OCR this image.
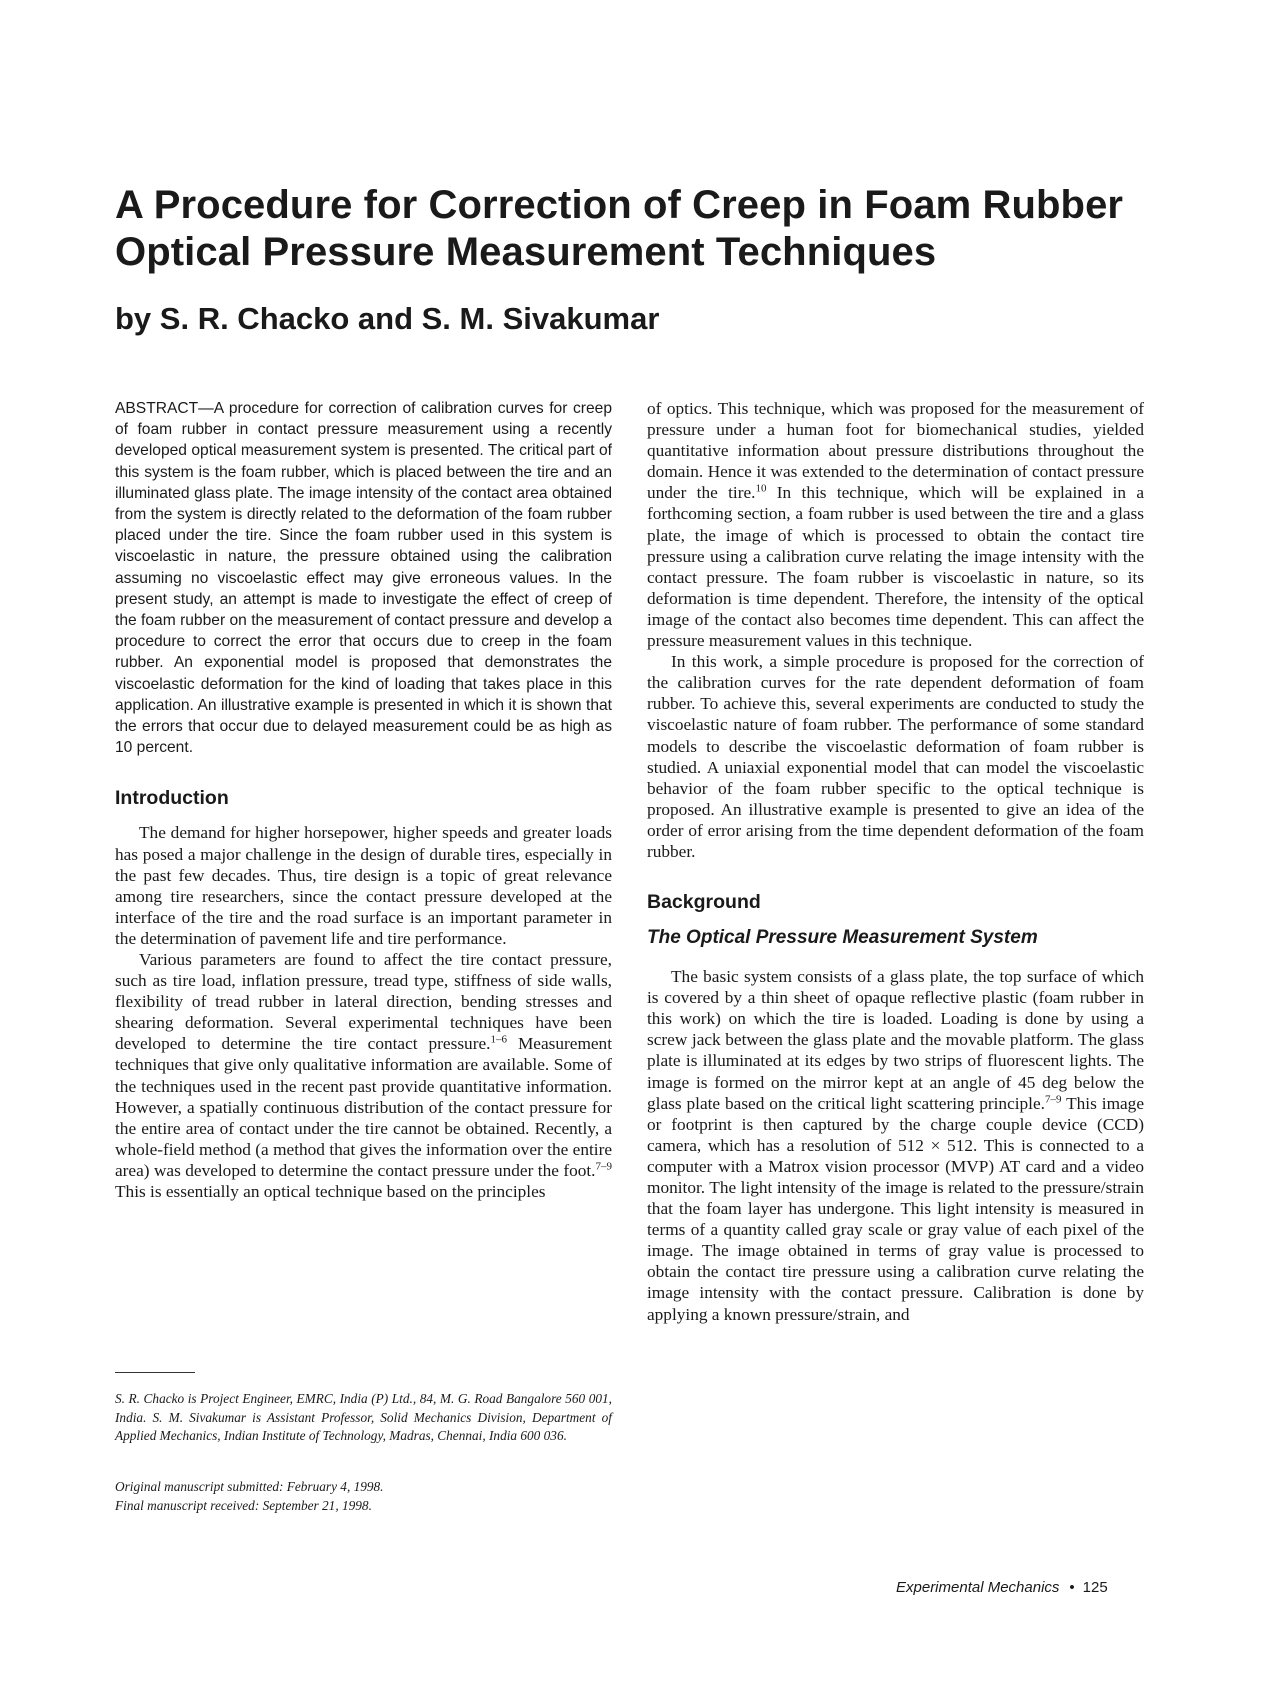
A Procedure for Correction of Creep in Foam Rubber Optical Pressure Measurement Techniques
by S. R. Chacko and S. M. Sivakumar

ABSTRACT—A procedure for correction of calibration curves for creep of foam rubber in contact pressure measurement using a recently developed optical measurement system is presented. The critical part of this system is the foam rubber, which is placed between the tire and an illuminated glass plate. The image intensity of the contact area obtained from the system is directly related to the deformation of the foam rubber placed under the tire. Since the foam rubber used in this system is viscoelastic in nature, the pressure obtained using the calibration assuming no viscoelastic effect may give erroneous values. In the present study, an attempt is made to investigate the effect of creep of the foam rubber on the measurement of contact pressure and develop a procedure to correct the error that occurs due to creep in the foam rubber. An exponential model is proposed that demonstrates the viscoelastic deformation for the kind of loading that takes place in this application. An illustrative example is presented in which it is shown that the errors that occur due to delayed measurement could be as high as 10 percent.

Introduction

The demand for higher horsepower, higher speeds and greater loads has posed a major challenge in the design of durable tires, especially in the past few decades. Thus, tire design is a topic of great relevance among tire researchers, since the contact pressure developed at the interface of the tire and the road surface is an important parameter in the determination of pavement life and tire performance.

Various parameters are found to affect the tire contact pressure, such as tire load, inflation pressure, tread type, stiffness of side walls, flexibility of tread rubber in lateral direction, bending stresses and shearing deformation. Several experimental techniques have been developed to determine the tire contact pressure.$^{1-6}$ Measurement techniques that give only qualitative information are available. Some of the techniques used in the recent past provide quantitative information. However, a spatially continuous distribution of the contact pressure for the entire area of contact under the tire cannot be obtained. Recently, a whole-field method (a method that gives the information over the entire area) was developed to determine the contact pressure under the foot.$^{7-9}$ This is essentially an optical technique based on the principles

of optics. This technique, which was proposed for the measurement of pressure under a human foot for biomechanical studies, yielded quantitative information about pressure distributions throughout the domain. Hence it was extended to the determination of contact pressure under the tire.$^{10}$ In this technique, which will be explained in a forthcoming section, a foam rubber is used between the tire and a glass plate, the image of which is processed to obtain the contact tire pressure using a calibration curve relating the image intensity with the contact pressure. The foam rubber is viscoelastic in nature, so its deformation is time dependent. Therefore, the intensity of the optical image of the contact also becomes time dependent. This can affect the pressure measurement values in this technique.

In this work, a simple procedure is proposed for the correction of the calibration curves for the rate dependent deformation of foam rubber. To achieve this, several experiments are conducted to study the viscoelastic nature of foam rubber. The performance of some standard models to describe the viscoelastic deformation of foam rubber is studied. A uniaxial exponential model that can model the viscoelastic behavior of the foam rubber specific to the optical technique is proposed. An illustrative example is presented to give an idea of the order of error arising from the time dependent deformation of the foam rubber.

Background
The Optical Pressure Measurement System

The basic system consists of a glass plate, the top surface of which is covered by a thin sheet of opaque reflective plastic (foam rubber in this work) on which the tire is loaded. Loading is done by using a screw jack between the glass plate and the movable platform. The glass plate is illuminated at its edges by two strips of fluorescent lights. The image is formed on the mirror kept at an angle of 45 deg below the glass plate based on the critical light scattering principle.$^{7-9}$ This image or footprint is then captured by the charge couple device (CCD) camera, which has a resolution of 512 × 512. This is connected to a computer with a Matrox vision processor (MVP) AT card and a video monitor. The light intensity of the image is related to the pressure/strain that the foam layer has undergone. This light intensity is measured in terms of a quantity called gray scale or gray value of each pixel of the image. The image obtained in terms of gray value is processed to obtain the contact tire pressure using a calibration curve relating the image intensity with the contact pressure. Calibration is done by applying a known pressure/strain, and

S. R. Chacko is Project Engineer, EMRC, India (P) Ltd., 84, M. G. Road Bangalore 560 001, India. S. M. Sivakumar is Assistant Professor, Solid Mechanics Division, Department of Applied Mechanics, Indian Institute of Technology, Madras, Chennai, India 600 036.

Original manuscript submitted: February 4, 1998.
Final manuscript received: September 21, 1998.
Experimental Mechanics • 125
